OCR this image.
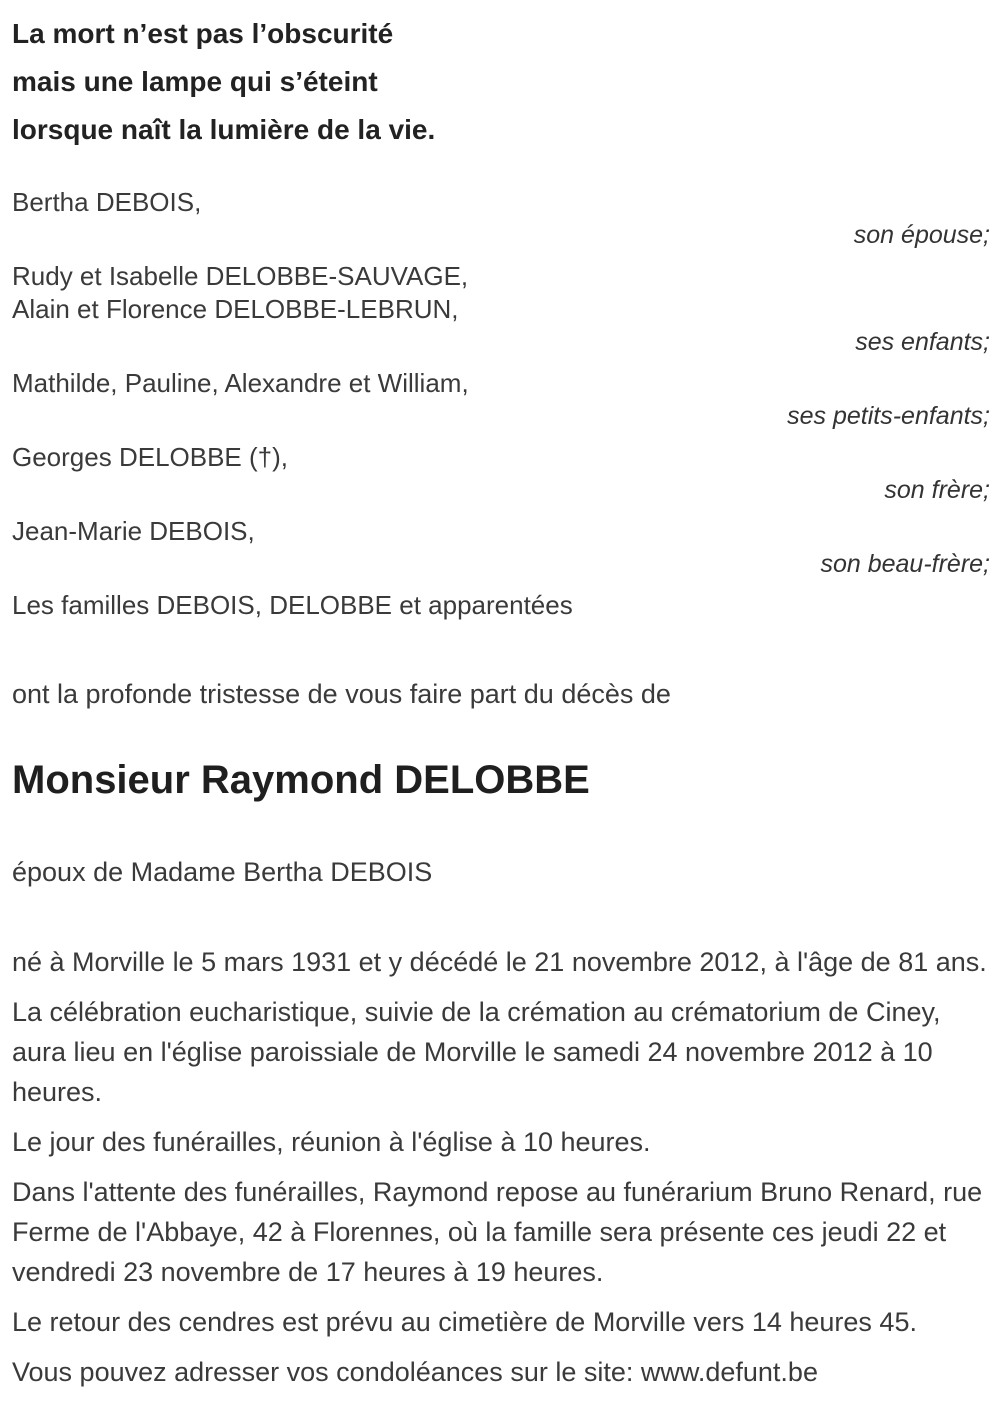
La mort n’est pas l’obscurité
mais une lampe qui s’éteint
lorsque naît la lumière de la vie.
Bertha DEBOIS,
son épouse;
Rudy et Isabelle DELOBBE-SAUVAGE,
Alain et Florence DELOBBE-LEBRUN,
ses enfants;
Mathilde, Pauline, Alexandre et William,
ses petits-enfants;
Georges DELOBBE (†),
son frère;
Jean-Marie DEBOIS,
son beau-frère;
Les familles DEBOIS, DELOBBE et apparentées

ont la profonde tristesse de vous faire part du décès de

Monsieur Raymond DELOBBE

époux de Madame Bertha DEBOIS

né à Morville le 5 mars 1931 et y décédé le 21 novembre 2012, à l'âge de 81 ans.

La célébration eucharistique, suivie de la crémation au crématorium de Ciney, aura lieu en l'église paroissiale de Morville le samedi 24 novembre 2012 à 10 heures.

Le jour des funérailles, réunion à l'église à 10 heures.

Dans l'attente des funérailles, Raymond repose au funérarium Bruno Renard, rue Ferme de l'Abbaye, 42 à Florennes, où la famille sera présente ces jeudi 22 et vendredi 23 novembre de 17 heures à 19 heures.

Le retour des cendres est prévu au cimetière de Morville vers 14 heures 45.

Vous pouvez adresser vos condoléances sur le site: www.defunt.be
